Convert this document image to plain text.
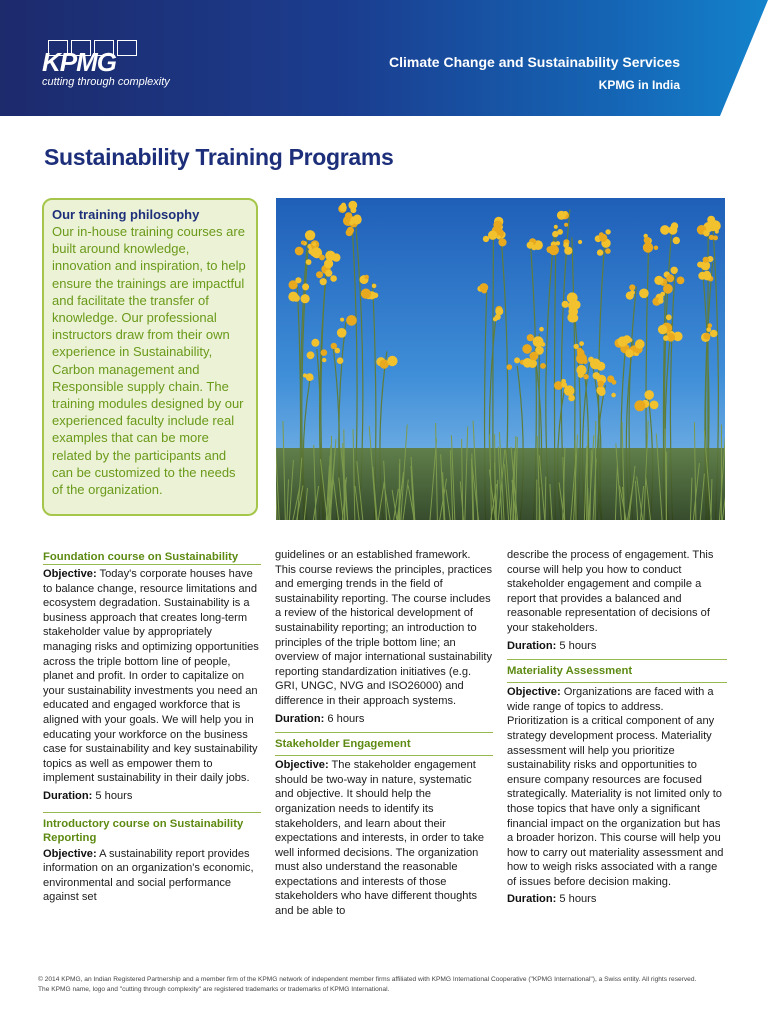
KPMG
cutting through complexity
Climate Change and Sustainability Services
KPMG in India
Sustainability Training Programs
Our training philosophy

Our in-house training courses are built around knowledge, innovation and inspiration, to help ensure the trainings are impactful and facilitate the transfer of knowledge. Our professional instructors draw from their own experience in Sustainability, Carbon management and Responsible supply chain. The training modules designed by our experienced faculty include real examples that can be more related by the participants and can be customized to the needs of the organization.

Foundation course on Sustainability

Objective: Today's corporate houses have to balance change, resource limitations and ecosystem degradation. Sustainability is a business approach that creates long-term stakeholder value by appropriately managing risks and optimizing opportunities across the triple bottom line of people, planet and profit. In order to capitalize on your sustainability investments you need an educated and engaged workforce that is aligned with your goals. We will help you in educating your workforce on the business case for sustainability and key sustainability topics as well as empower them to implement sustainability in their daily jobs.

Duration: 5 hours

Introductory course on Sustainability Reporting

Objective: A sustainability report provides information on an organization's economic, environmental and social performance against set

guidelines or an established framework. This course reviews the principles, practices and emerging trends in the field of sustainability reporting. The course includes a review of the historical development of sustainability reporting; an introduction to principles of the triple bottom line; an overview of major international sustainability reporting standardization initiatives (e.g. GRI, UNGC, NVG and ISO26000) and difference in their approach systems.

Duration: 6 hours

Stakeholder Engagement

Objective: The stakeholder engagement should be two-way in nature, systematic and objective. It should help the organization needs to identify its stakeholders, and learn about their expectations and interests, in order to take well informed decisions. The organization must also understand the reasonable expectations and interests of those stakeholders who have different thoughts and be able to

describe the process of engagement. This course will help you how to conduct stakeholder engagement and compile a report that provides a balanced and reasonable representation of decisions of your stakeholders.

Duration: 5 hours

Materiality Assessment

Objective: Organizations are faced with a wide range of topics to address. Prioritization is a critical component of any strategy development process. Materiality assessment will help you prioritize sustainability risks and opportunities to ensure company resources are focused strategically. Materiality is not limited only to those topics that have only a significant financial impact on the organization but has a broader horizon. This course will help you how to carry out materiality assessment and how to weigh risks associated with a range of issues before decision making.

Duration: 5 hours

© 2014 KPMG, an Indian Registered Partnership and a member firm of the KPMG network of independent member firms affiliated with KPMG International Cooperative ("KPMG International"), a Swiss entity. All rights reserved.
The KPMG name, logo and "cutting through complexity" are registered trademarks or trademarks of KPMG International.
